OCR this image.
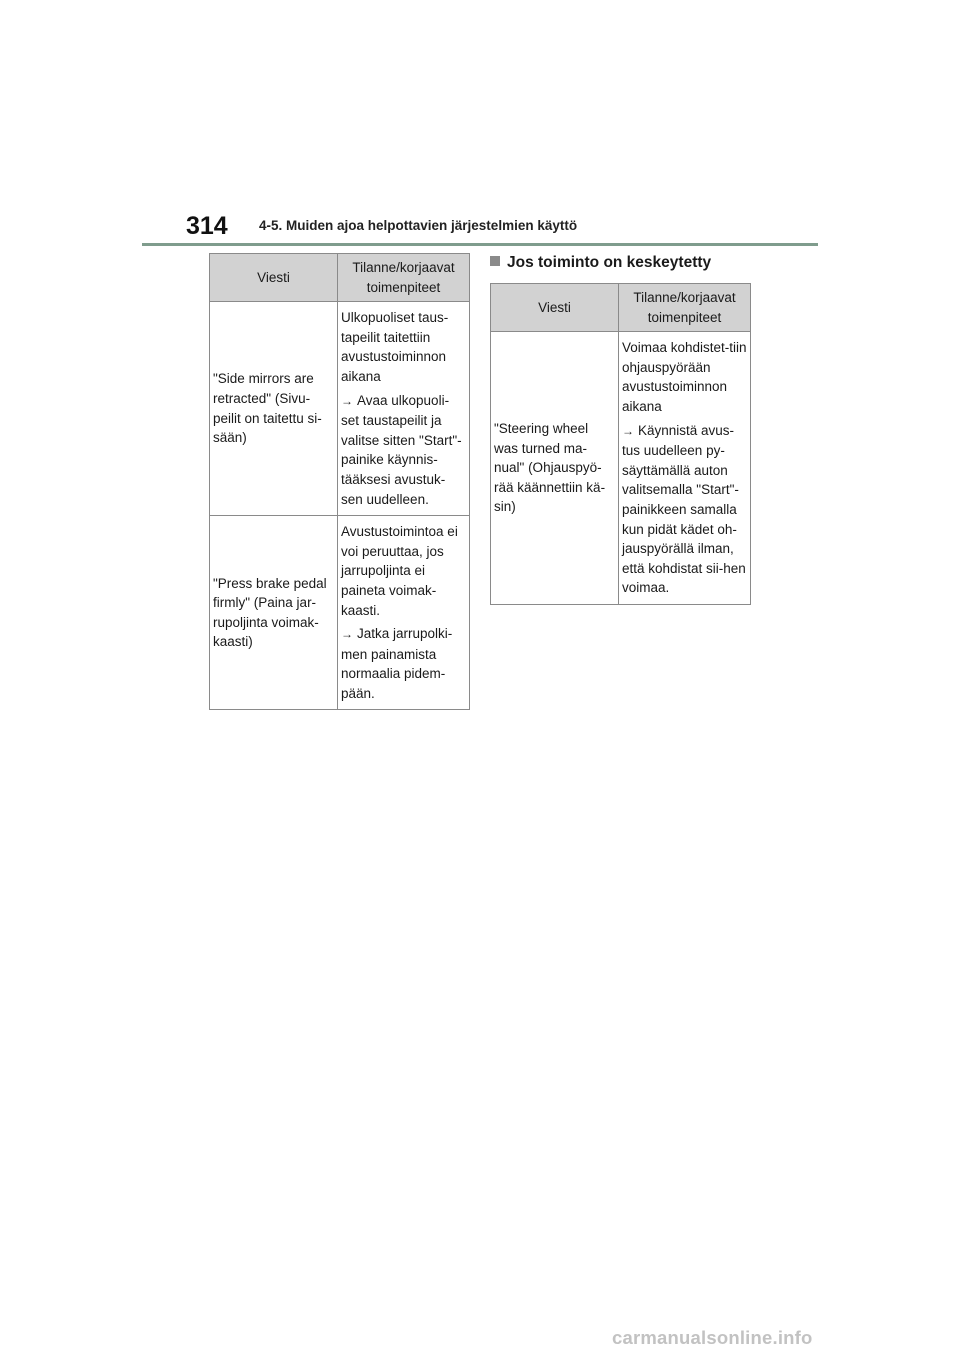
314 4-5. Muiden ajoa helpottavien järjestelmien käyttö
Viesti	Tilanne/korjaavat toimenpiteet
"Side mirrors are retracted" (Sivu-peilit on taitettu si-sään)	Ulkopuoliset taus-tapeilit taitettiin avustustoiminnon aikana
→ Avaa ulkopuoli-set taustapeilit ja valitse sitten "Start"-painike käynnis-tääksesi avustuk-sen uudelleen.

"Press brake pedal firmly" (Paina jar-rupoljinta voimak-kaasti)	Avustustoimintoa ei voi peruuttaa, jos jarrupoljinta ei paineta voimak-kaasti.
→ Jatka jarrupolki-men painamista normaalia pidem-pään.
Jos toiminto on keskeytetty
Viesti	Tilanne/korjaavat toimenpiteet
"Steering wheel was turned ma-nual" (Ohjauspyö-rää käännettiin kä-sin)	Voimaa kohdistet-tiin ohjauspyörään avustustoiminnon aikana
→ Käynnistä avus-tus uudelleen py-säyttämällä auton valitsemalla "Start"-painikkeen samalla kun pidät kädet oh-jauspyörällä ilman, että kohdistat sii-hen voimaa.
carmanualsonline.info
